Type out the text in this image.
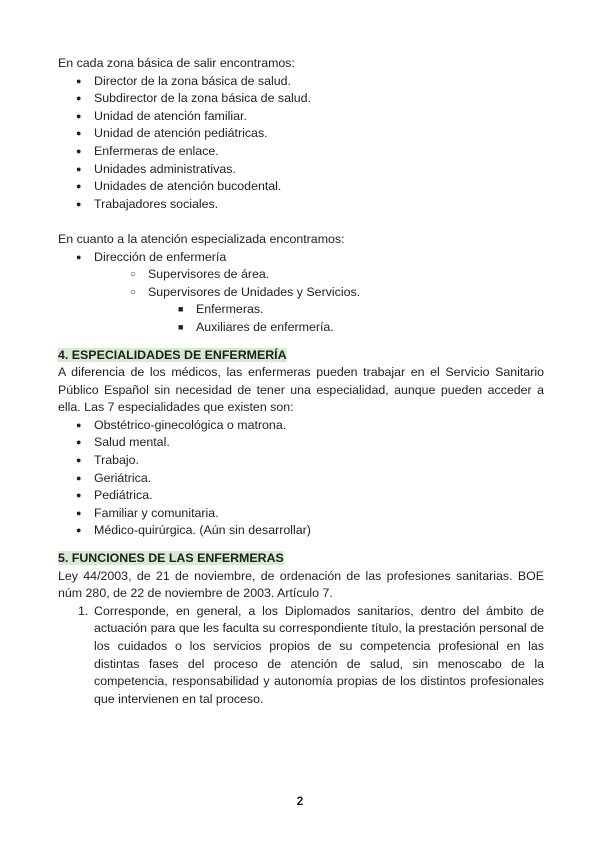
En cada zona básica de salir encontramos:

● Director de la zona básica de salud.
● Subdirector de la zona básica de salud.
● Unidad de atención familiar.
● Unidad de atención pediátricas.
● Enfermeras de enlace.
● Unidades administrativas.
● Unidades de atención bucodental.
● Trabajadores sociales.

En cuanto a la atención especializada encontramos:

● Dirección de enfermería
○ Supervisores de área.
○ Supervisores de Unidades y Servicios.
■ Enfermeras.
■ Auxiliares de enfermería.

4. ESPECIALIDADES DE ENFERMERÍA

A diferencia de los médicos, las enfermeras pueden trabajar en el Servicio Sanitario Público Español sin necesidad de tener una especialidad, aunque pueden acceder a ella. Las 7 especialidades que existen son:

● Obstétrico-ginecológica o matrona.
● Salud mental.
● Trabajo.
● Geriátrica.
● Pediátrica.
● Familiar y comunitaria.
● Médico-quirúrgica. (Aún sin desarrollar)

5. FUNCIONES DE LAS ENFERMERAS

Ley 44/2003, de 21 de noviembre, de ordenación de las profesiones sanitarias. BOE núm 280, de 22 de noviembre de 2003. Artículo 7.

1. Corresponde, en general, a los Diplomados sanitarios, dentro del ámbito de actuación para que les faculta su correspondiente título, la prestación personal de los cuidados o los servicios propios de su competencia profesional en las distintas fases del proceso de atención de salud, sin menoscabo de la competencia, responsabilidad y autonomía propias de los distintos profesionales que intervienen en tal proceso.
2
